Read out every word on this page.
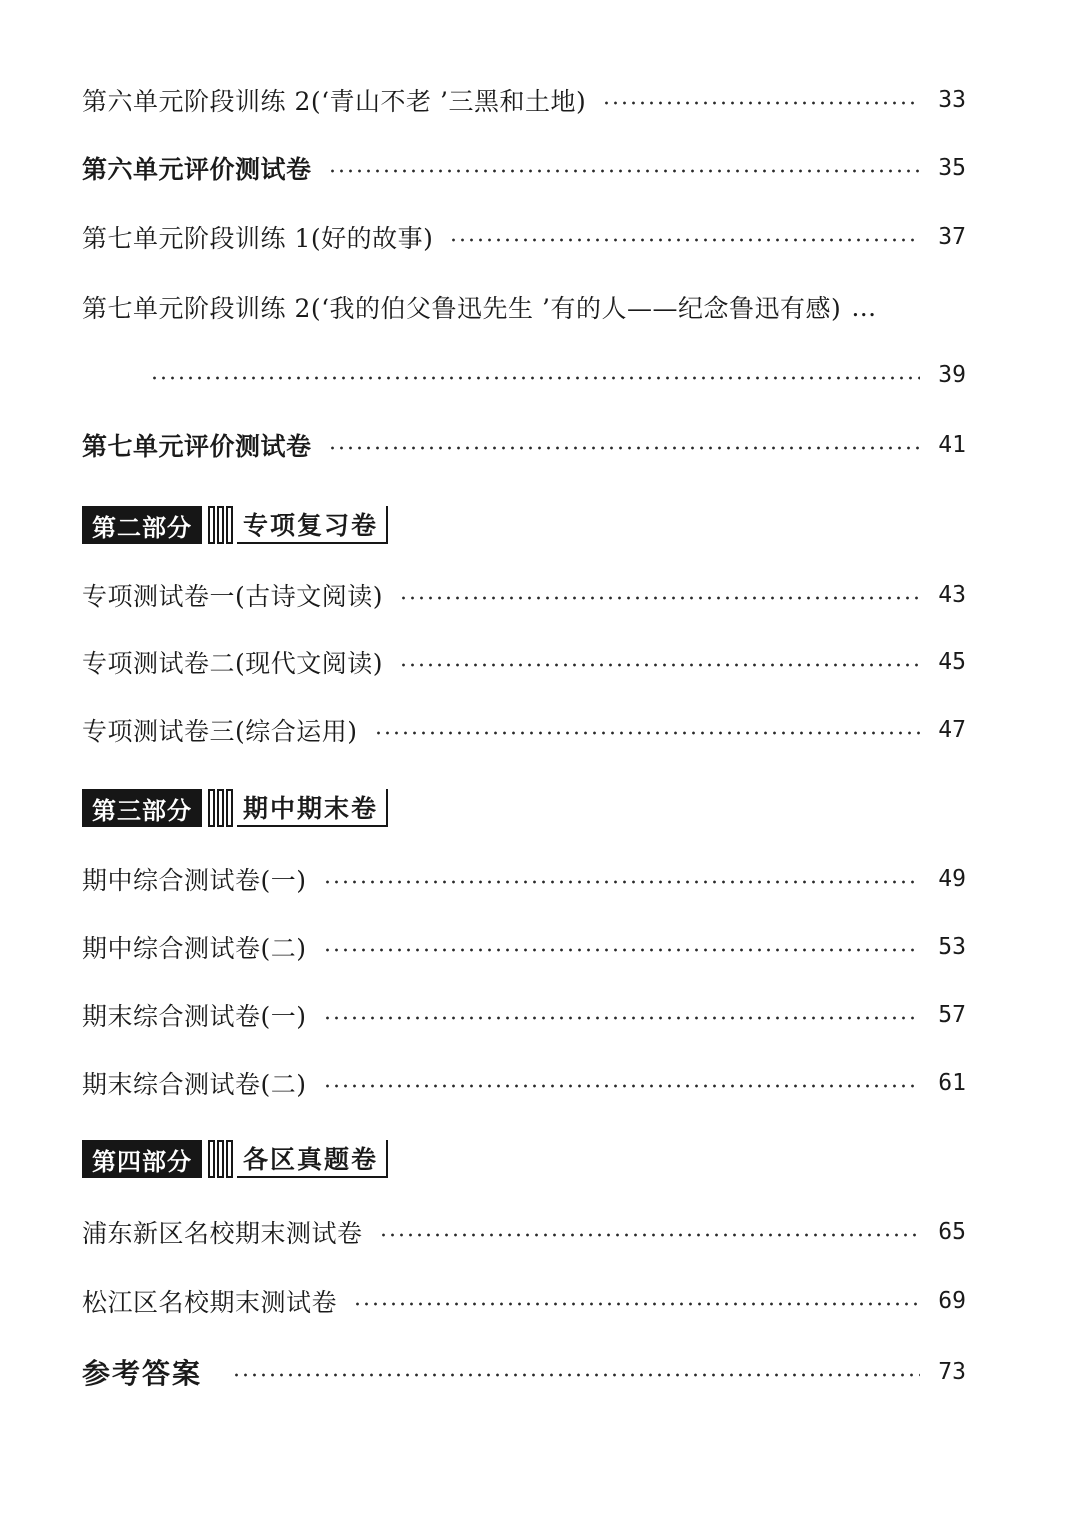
第六单元阶段训练 2(‘青山不老 ’三黑和土地)	33
第六单元评价测试卷	35
第七单元阶段训练 1(好的故事)	37
第七单元阶段训练 2(‘我的伯父鲁迅先生 ’有的人——纪念鲁迅有感) …
39
第七单元评价测试卷	41
第二部分	专项复习卷
专项测试卷一(古诗文阅读)	43
专项测试卷二(现代文阅读)	45
专项测试卷三(综合运用)	47
第三部分	期中期末卷
期中综合测试卷(一)	49
期中综合测试卷(二)	53
期末综合测试卷(一)	57
期末综合测试卷(二)	61
第四部分	各区真题卷
浦东新区名校期末测试卷	65
松江区名校期末测试卷	69
参考答案	73
